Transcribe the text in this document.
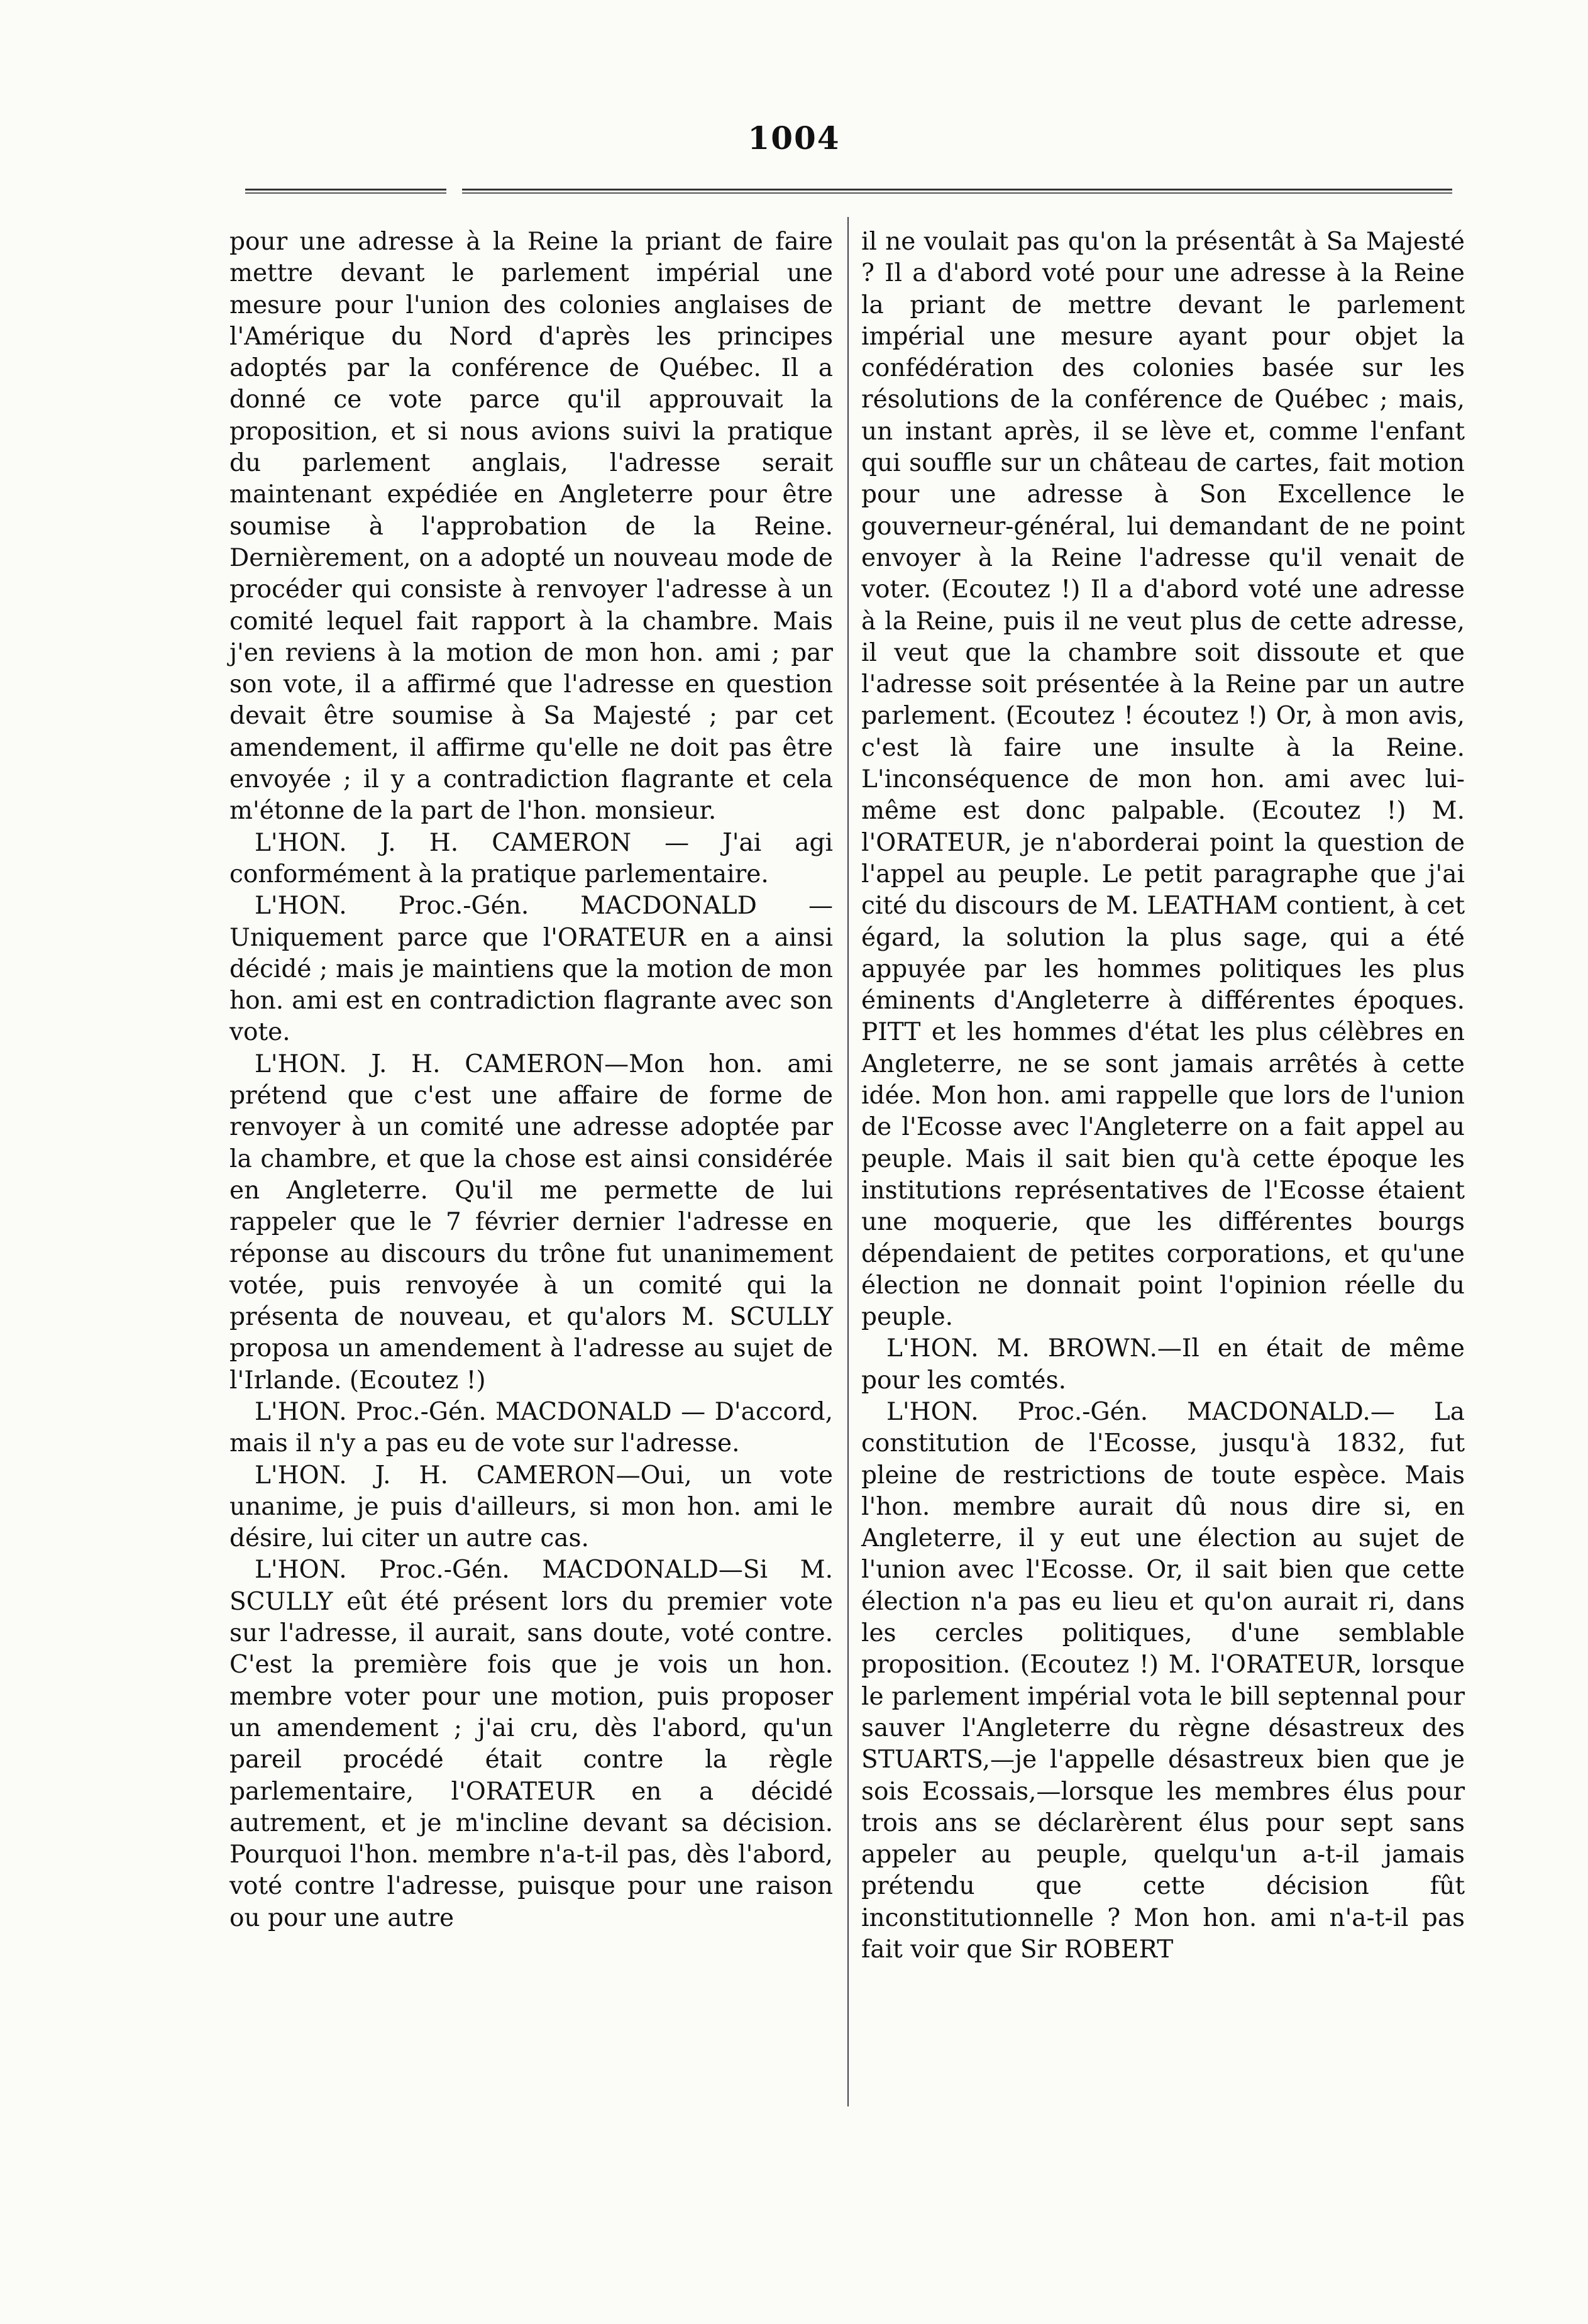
1004

pour une adresse à la Reine la priant de faire mettre devant le parlement impérial une mesure pour l'union des colonies anglaises de l'Amérique du Nord d'après les principes adoptés par la conférence de Québec. Il a donné ce vote parce qu'il approuvait la proposition, et si nous avions suivi la pratique du parlement anglais, l'adresse serait maintenant expédiée en Angleterre pour être soumise à l'approbation de la Reine. Dernièrement, on a adopté un nouveau mode de procéder qui consiste à renvoyer l'adresse à un comité lequel fait rapport à la chambre. Mais j'en reviens à la motion de mon hon. ami ; par son vote, il a affirmé que l'adresse en question devait être soumise à Sa Majesté ; par cet amendement, il affirme qu'elle ne doit pas être envoyée ; il y a contradiction flagrante et cela m'étonne de la part de l'hon. monsieur.

L'HON. J. H. CAMERON — J'ai agi conformément à la pratique parlementaire.

L'HON. Proc.-Gén. MACDONALD — Uniquement parce que l'ORATEUR en a ainsi décidé ; mais je maintiens que la motion de mon hon. ami est en contradiction flagrante avec son vote.

L'HON. J. H. CAMERON—Mon hon. ami prétend que c'est une affaire de forme de renvoyer à un comité une adresse adoptée par la chambre, et que la chose est ainsi considérée en Angleterre. Qu'il me permette de lui rappeler que le 7 février dernier l'adresse en réponse au discours du trône fut unanimement votée, puis renvoyée à un comité qui la présenta de nouveau, et qu'alors M. SCULLY proposa un amendement à l'adresse au sujet de l'Irlande. (Ecoutez !)

L'HON. Proc.-Gén. MACDONALD — D'accord, mais il n'y a pas eu de vote sur l'adresse.

L'HON. J. H. CAMERON—Oui, un vote unanime, je puis d'ailleurs, si mon hon. ami le désire, lui citer un autre cas.

L'HON. Proc.-Gén. MACDONALD—Si M. SCULLY eût été présent lors du premier vote sur l'adresse, il aurait, sans doute, voté contre. C'est la première fois que je vois un hon. membre voter pour une motion, puis proposer un amendement ; j'ai cru, dès l'abord, qu'un pareil procédé était contre la règle parlementaire, l'ORATEUR en a décidé autrement, et je m'incline devant sa décision. Pourquoi l'hon. membre n'a-t-il pas, dès l'abord, voté contre l'adresse, puisque pour une raison ou pour une autre

il ne voulait pas qu'on la présentât à Sa Majesté ? Il a d'abord voté pour une adresse à la Reine la priant de mettre devant le parlement impérial une mesure ayant pour objet la confédération des colonies basée sur les résolutions de la conférence de Québec ; mais, un instant après, il se lève et, comme l'enfant qui souffle sur un château de cartes, fait motion pour une adresse à Son Excellence le gouverneur-général, lui demandant de ne point envoyer à la Reine l'adresse qu'il venait de voter. (Ecoutez !) Il a d'abord voté une adresse à la Reine, puis il ne veut plus de cette adresse, il veut que la chambre soit dissoute et que l'adresse soit présentée à la Reine par un autre parlement. (Ecoutez ! écoutez !) Or, à mon avis, c'est là faire une insulte à la Reine. L'inconséquence de mon hon. ami avec lui-même est donc palpable. (Ecoutez !) M. l'ORATEUR, je n'aborderai point la question de l'appel au peuple. Le petit paragraphe que j'ai cité du discours de M. LEATHAM contient, à cet égard, la solution la plus sage, qui a été appuyée par les hommes politiques les plus éminents d'Angleterre à différentes époques. PITT et les hommes d'état les plus célèbres en Angleterre, ne se sont jamais arrêtés à cette idée. Mon hon. ami rappelle que lors de l'union de l'Ecosse avec l'Angleterre on a fait appel au peuple. Mais il sait bien qu'à cette époque les institutions représentatives de l'Ecosse étaient une moquerie, que les différentes bourgs dépendaient de petites corporations, et qu'une élection ne donnait point l'opinion réelle du peuple.

L'HON. M. BROWN.—Il en était de même pour les comtés.

L'HON. Proc.-Gén. MACDONALD.— La constitution de l'Ecosse, jusqu'à 1832, fut pleine de restrictions de toute espèce. Mais l'hon. membre aurait dû nous dire si, en Angleterre, il y eut une élection au sujet de l'union avec l'Ecosse. Or, il sait bien que cette élection n'a pas eu lieu et qu'on aurait ri, dans les cercles politiques, d'une semblable proposition. (Ecoutez !) M. l'ORATEUR, lorsque le parlement impérial vota le bill septennal pour sauver l'Angleterre du règne désastreux des STUARTS,—je l'appelle désastreux bien que je sois Ecossais,—lorsque les membres élus pour trois ans se déclarèrent élus pour sept sans appeler au peuple, quelqu'un a-t-il jamais prétendu que cette décision fût inconstitutionnelle ? Mon hon. ami n'a-t-il pas fait voir que Sir ROBERT
